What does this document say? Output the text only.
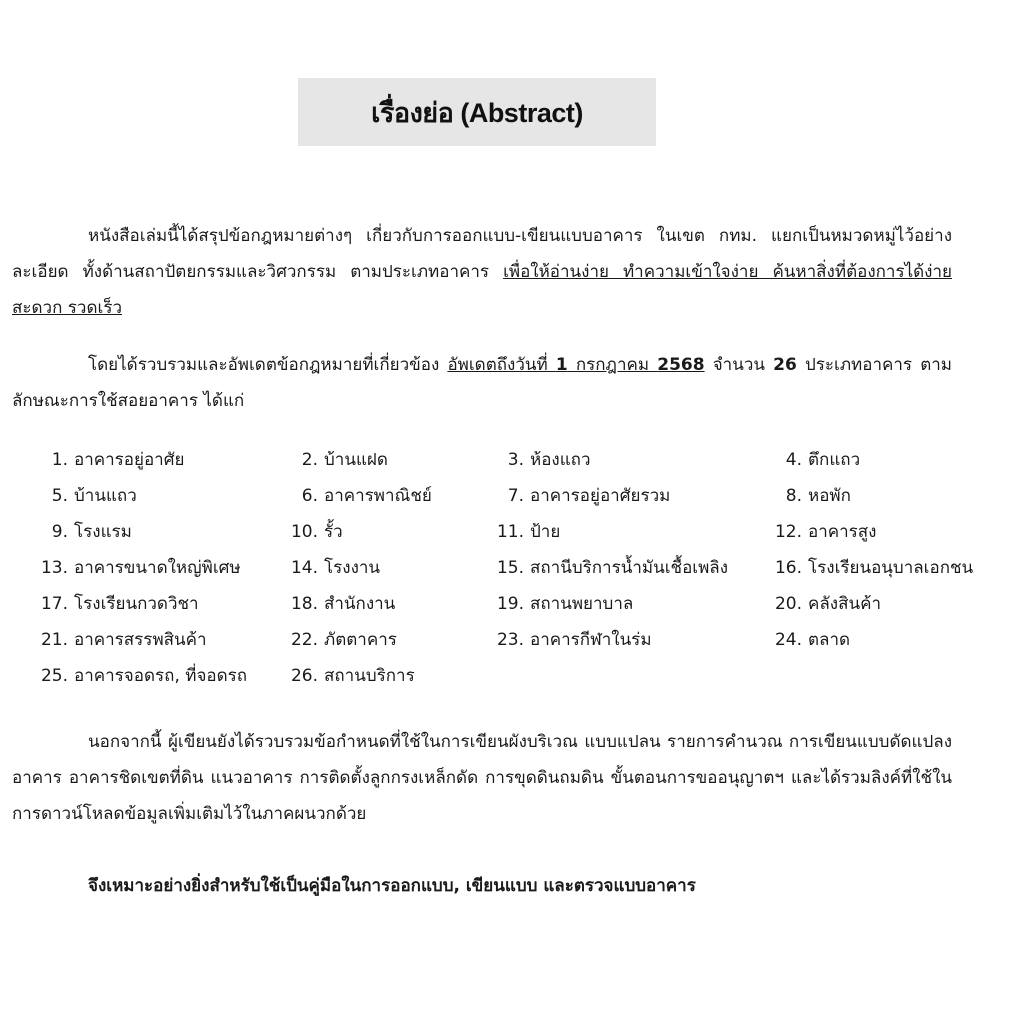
เรื่องย่อ (Abstract)
หนังสือเล่มนี้ได้สรุปข้อกฎหมายต่างๆ เกี่ยวกับการออกแบบ-เขียนแบบอาคาร ในเขต กทม. แยกเป็นหมวดหมู่ไว้อย่างละเอียด ทั้งด้านสถาปัตยกรรมและวิศวกรรม ตามประเภทอาคาร เพื่อให้อ่านง่าย ทำความเข้าใจง่าย ค้นหาสิ่งที่ต้องการได้ง่าย สะดวก รวดเร็ว
โดยได้รวบรวมและอัพเดตข้อกฎหมายที่เกี่ยวข้อง อัพเดตถึงวันที่ 1 กรกฎาคม 2568 จำนวน 26 ประเภทอาคาร ตามลักษณะการใช้สอยอาคาร ได้แก่
1. อาคารอยู่อาศัย	2. บ้านแฝด	3. ห้องแถว	4. ตึกแถว
5. บ้านแถว	6. อาคารพาณิชย์	7. อาคารอยู่อาศัยรวม	8. หอพัก
9. โรงแรม	10. รั้ว	11. ป้าย	12. อาคารสูง
13. อาคารขนาดใหญ่พิเศษ	14. โรงงาน	15. สถานีบริการน้ำมันเชื้อเพลิง	16. โรงเรียนอนุบาลเอกชน
17. โรงเรียนกวดวิชา	18. สำนักงาน	19. สถานพยาบาล	20. คลังสินค้า
21. อาคารสรรพสินค้า	22. ภัตตาคาร	23. อาคารกีฬาในร่ม	24. ตลาด
25. อาคารจอดรถ, ที่จอดรถ	26. สถานบริการ
นอกจากนี้ ผู้เขียนยังได้รวบรวมข้อกำหนดที่ใช้ในการเขียนผังบริเวณ แบบแปลน รายการคำนวณ การเขียนแบบดัดแปลงอาคาร อาคารชิดเขตที่ดิน แนวอาคาร การติดตั้งลูกกรงเหล็กดัด การขุดดินถมดิน ขั้นตอนการขออนุญาตฯ และได้รวมลิงค์ที่ใช้ในการดาวน์โหลดข้อมูลเพิ่มเติมไว้ในภาคผนวกด้วย
จึงเหมาะอย่างยิ่งสำหรับใช้เป็นคู่มือในการออกแบบ, เขียนแบบ และตรวจแบบอาคาร
